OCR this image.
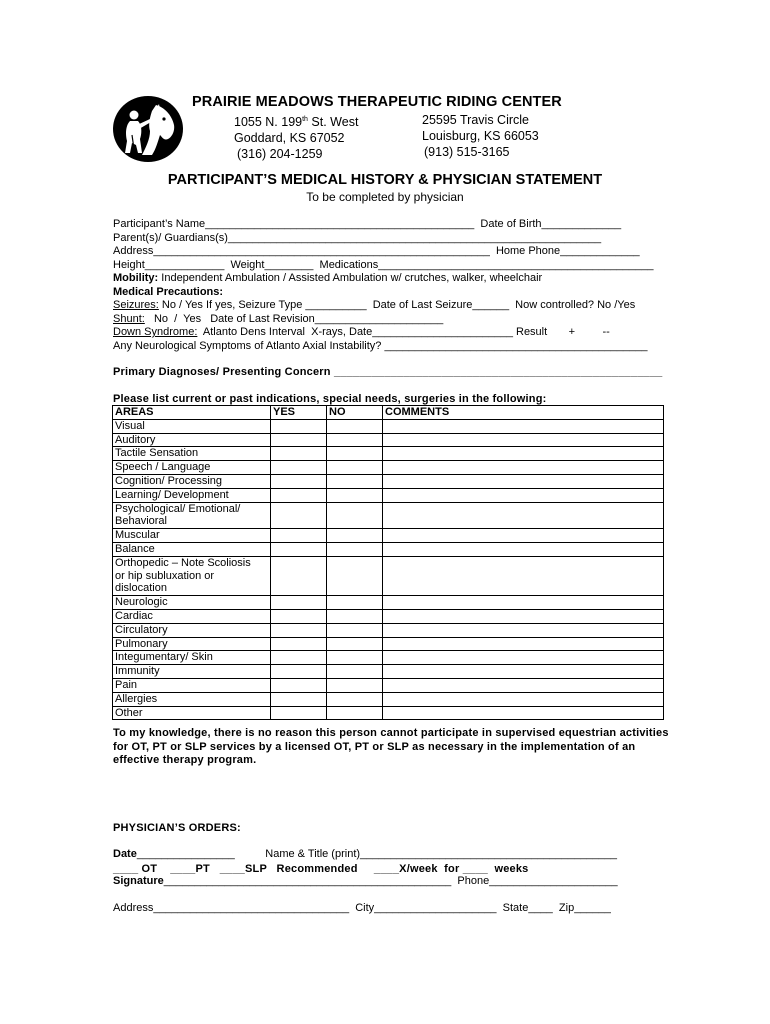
PRAIRIE MEADOWS THERAPEUTIC RIDING CENTER
1055 N. 199th St. West
Goddard, KS 67052
(316) 204-1259
25595 Travis Circle
Louisburg, KS 66053
(913) 515-3165
PARTICIPANT’S MEDICAL HISTORY & PHYSICIAN STATEMENT
To be completed by physician
Participant’s Name____________________________________________  Date of Birth_____________
Parent(s)/ Guardians(s)_____________________________________________________________
Address_______________________________________________________  Home Phone_____________
Height_____________  Weight________  Medications_____________________________________________
Mobility: Independent Ambulation / Assisted Ambulation w/ crutches, walker, wheelchair
Medical Precautions:
Seizures: No / Yes If yes, Seizure Type __________  Date of Last Seizure______  Now controlled? No /Yes
Shunt:   No  /  Yes   Date of Last Revision_____________________
Down Syndrome:  Atlanto Dens Interval  X-rays, Date_______________________ Result       +         --
Any Neurological Symptoms of Atlanto Axial Instability? ___________________________________________
Primary Diagnoses/ Presenting Concern ____________________________________________________
Please list current or past indications, special needs, surgeries in the following:
AREAS	YES	NO	COMMENTS

Visual			

Auditory			

Tactile Sensation			

Speech / Language			

Cognition/ Processing			

Learning/ Development			

Psychological/ Emotional/
Behavioral			

Muscular			

Balance			

Orthopedic – Note Scoliosis
or hip subluxation or
dislocation			

Neurologic			

Cardiac			

Circulatory			

Pulmonary			

Integumentary/ Skin			

Immunity			

Pain			

Allergies			

Other			

To my knowledge, there is no reason this person cannot participate in supervised equestrian activities for OT, PT or SLP services by a licensed OT, PT or SLP as necessary in the implementation of an effective therapy program.

PHYSICIAN’S ORDERS:

____ OT    ____PT   ____SLP   Recommended     ____X/week  for ____  weeks

Date________________          Name & Title (print)__________________________________________
Signature_______________________________________________  Phone_____________________
Address________________________________  City____________________  State____  Zip______
